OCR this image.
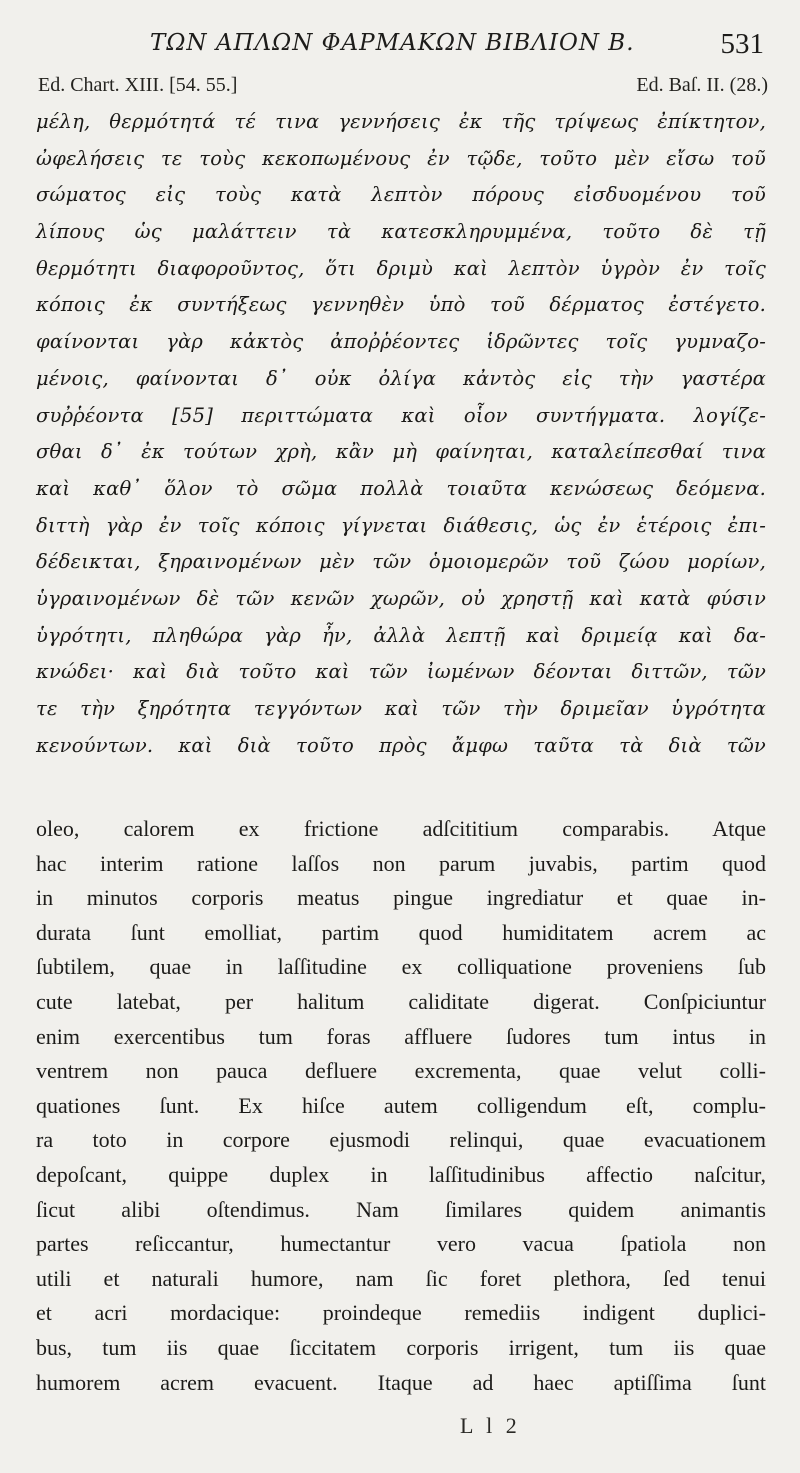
ΤΩΝ ΑΠΛΩΝ ΦΑΡΜΑΚΩΝ ΒΙΒΛΙΟΝ Β.	531
Ed. Chart. XIII. [54. 55.]	Ed. Baſ. II. (28.)
μέλη, θερμότητά τέ τινα γεννήσεις ἐκ τῆς τρίψεως ἐπίκτητον,
ὠφελήσεις τε τοὺς κεκοπωμένους ἐν τῷδε, τοῦτο μὲν εἴσω τοῦ
σώματος εἰς τοὺς κατὰ λεπτὸν πόρους εἰσδυομένου τοῦ
λίπους ὡς μαλάττειν τὰ κατεσκληρυμμένα, τοῦτο δὲ τῇ
θερμότητι διαφοροῦντος, ὅτι δριμὺ καὶ λεπτὸν ὑγρὸν ἐν τοῖς
κόποις ἐκ συντήξεως γεννηθὲν ὑπὸ τοῦ δέρματος ἐστέγετο.
φαίνονται γὰρ κἀκτὸς ἀποῤῥέοντες ἱδρῶντες τοῖς γυμναζο-
μένοις, φαίνονται δ᾽ οὐκ ὀλίγα κἀντὸς εἰς τὴν γαστέρα
συῤῥέοντα [55] περιττώματα καὶ οἷον συντήγματα. λογίζε-
σθαι δ᾽ ἐκ τούτων χρὴ, κἂν μὴ φαίνηται, καταλείπεσθαί τινα
καὶ καθ᾽ ὅλον τὸ σῶμα πολλὰ τοιαῦτα κενώσεως δεόμενα.
διττὴ γὰρ ἐν τοῖς κόποις γίγνεται διάθεσις, ὡς ἐν ἑτέροις ἐπι-
δέδεικται, ξηραινομένων μὲν τῶν ὁμοιομερῶν τοῦ ζώου μορίων,
ὑγραινομένων δὲ τῶν κενῶν χωρῶν, οὐ χρηστῇ καὶ κατὰ φύσιν
ὑγρότητι, πληθώρα γὰρ ἦν, ἀλλὰ λεπτῇ καὶ δριμείᾳ καὶ δα-
κνώδει· καὶ διὰ τοῦτο καὶ τῶν ἰωμένων δέονται διττῶν, τῶν
τε τὴν ξηρότητα τεγγόντων καὶ τῶν τὴν δριμεῖαν ὑγρότητα
κενούντων. καὶ διὰ τοῦτο πρὸς ἄμφω ταῦτα τὰ διὰ τῶν
oleo, calorem ex frictione adſcititium comparabis. Atque
hac interim ratione laſſos non parum juvabis, partim quod
in minutos corporis meatus pingue ingrediatur et quae in-
durata ſunt emolliat, partim quod humiditatem acrem ac
ſubtilem, quae in laſſitudine ex colliquatione proveniens ſub
cute latebat, per halitum caliditate digerat. Conſpiciuntur
enim exercentibus tum foras affluere ſudores tum intus in
ventrem non pauca defluere excrementa, quae velut colli-
quationes ſunt. Ex hiſce autem colligendum eſt, complu-
ra toto in corpore ejusmodi relinqui, quae evacuationem
depoſcant, quippe duplex in laſſitudinibus affectio naſcitur,
ſicut alibi oſtendimus. Nam ſimilares quidem animantis
partes reſiccantur, humectantur vero vacua ſpatiola non
utili et naturali humore, nam ſic foret plethora, ſed tenui
et acri mordacique: proindeque remediis indigent duplici-
bus, tum iis quae ſiccitatem corporis irrigent, tum iis quae
humorem acrem evacuent. Itaque ad haec aptiſſima ſunt
L l 2
